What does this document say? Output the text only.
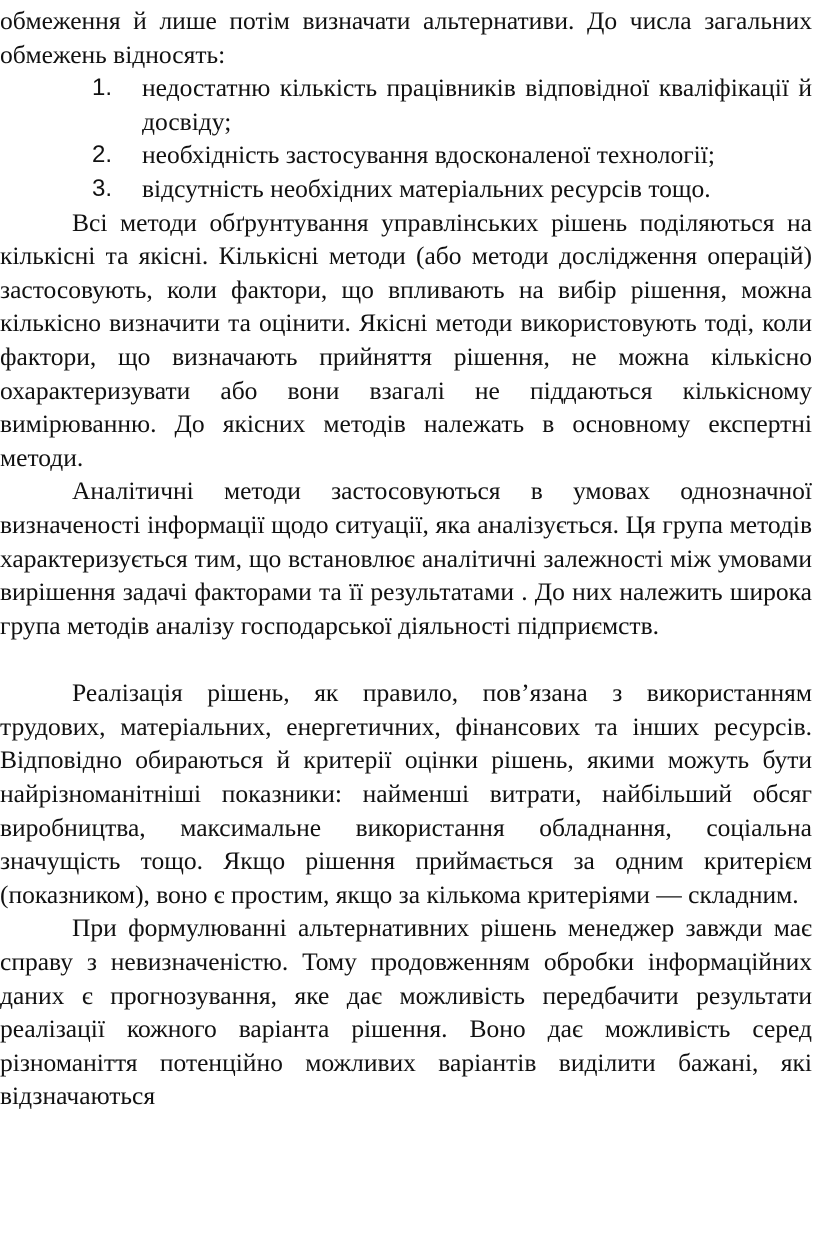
обмеження й лише потім визначати альтернативи. До числа загальних обмежень відносять:

1. недостатню кількість працівників відповідної кваліфікації й досвіду;
2. необхідність застосування вдосконаленої технології;
3. відсутність необхідних матеріальних ресурсів тощо.

Всі методи обґрунтування управлінських рішень поділяються на кількісні та якісні. Кількісні методи (або методи дослідження операцій) застосовують, коли фактори, що впливають на вибір рішення, можна кількісно визначити та оцінити. Якісні методи використовують тоді, коли фактори, що визначають прийняття рішення, не можна кількісно охарактеризувати або вони взагалі не піддаються кількісному вимірюванню. До якісних методів належать в основному експертні методи.

Аналітичні методи застосовуються в умовах однозначної визначеності інформації щодо ситуації, яка аналізується. Ця група методів характеризується тим, що встановлює аналітичні залежності між умовами вирішення задачі факторами та її результатами . До них належить широка група методів аналізу господарської діяльності підприємств.

Реалізація рішень, як правило, пов’язана з використанням трудових, матеріальних, енергетичних, фінансових та інших ресурсів. Відповідно обираються й критерії оцінки рішень, якими можуть бути найрізноманітніші показники: найменші витрати, найбільший обсяг виробництва, максимальне використання обладнання, соціальна значущість тощо. Якщо рішення приймається за одним критерієм (показником), воно є простим, якщо за кількома критеріями — складним.

При формулюванні альтернативних рішень менеджер завжди має справу з невизначеністю. Тому продовженням обробки інформаційних даних є прогнозування, яке дає можливість передбачити результати реалізації кожного варіанта рішення. Воно дає можливість серед різноманіття потенційно можливих варіантів виділити бажані, які відзначаються
